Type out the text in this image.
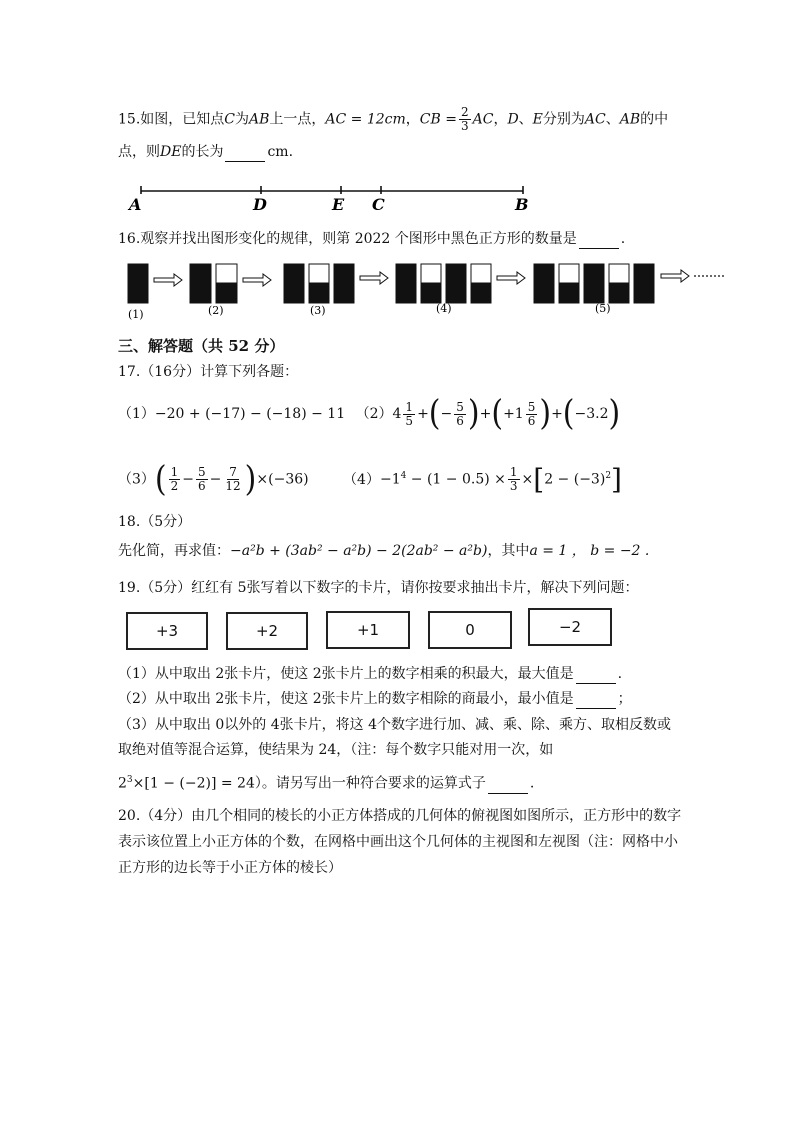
15.如图，已知点C为AB上一点，AC = 12cm，CB = $\frac{2}{3}$ AC，D、E分别为AC、AB的中
点，则DE的长为	cm.
A	D	E C	B
16.观察并找出图形变化的规律，则第 2022 个图形中黑色正方形的数量是	.
(1)	(2)	(3)	(4)	(5)
三、解答题（共 52 分）
17.（16分）计算下列各题：
（1）−20 + (−17) − (−18) − 11 $(2)4 \frac{1}{5}$ +(− $\frac{5}{6} )+(+1 \frac{5}{6} )+(-3.2)$
$(3)( \frac{1}{2} - \frac{5}{6} - \frac{7}{12} )\times(-36)$ $(4)-1^4 - (1 - 0.5) \times \frac{1}{3} \times[2 - (-3)^2]$
18.（5分）
先化简，再求值：−a²b + (3ab² − a²b) − 2(2ab² − a²b)，其中a = 1 ， b = −2 .
19.（5分）红红有 5张写着以下数字的卡片，请你按要求抽出卡片，解决下列问题：
+3	+2	+1	0	−2
（1）从中取出 2张卡片，使这 2张卡片上的数字相乘的积最大，最大值是	.
（2）从中取出 2张卡片，使这 2张卡片上的数字相除的商最小，最小值是	；
（3）从中取出 0以外的 4张卡片，将这 4个数字进行加、减、乘、除、乘方、取相反数或
取绝对值等混合运算，使结果为 24，（注：每个数字只能对用一次，如
$2^3\times[1 - (-2)] = 24$）。请另写出一种符合要求的运算式子	.
20.（4分）由几个相同的棱长的小正方体搭成的几何体的俯视图如图所示，正方形中的数字
表示该位置上小正方体的个数，在网格中画出这个几何体的主视图和左视图（注：网格中小
正方形的边长等于小正方体的棱长）
